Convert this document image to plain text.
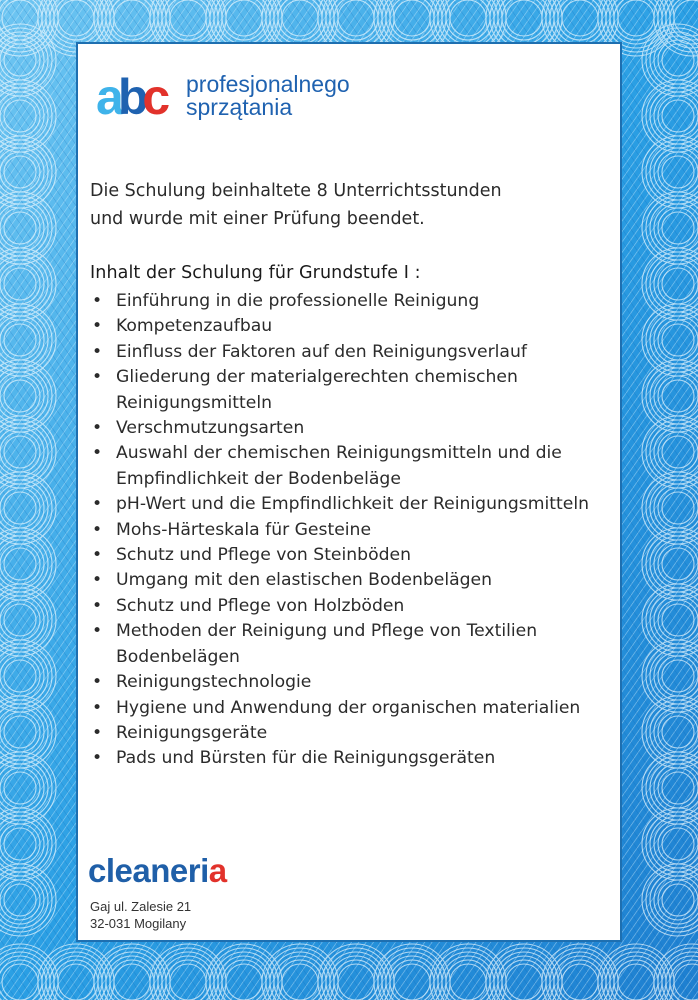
abc profesjonalnego
sprzątania
Die Schulung beinhaltete 8 Unterrichtsstunden
und wurde mit einer Prüfung beendet.
Inhalt der Schulung für Grundstufe I :
• Einführung in die professionelle Reinigung
• Kompetenzaufbau
• Einfluss der Faktoren auf den Reinigungsverlauf
• Gliederung der materialgerechten chemischen Reinigungsmitteln
• Verschmutzungsarten
• Auswahl der chemischen Reinigungsmitteln und die Empfindlichkeit der Bodenbeläge
• pH-Wert und die Empfindlichkeit der Reinigungsmitteln
• Mohs-Härteskala für Gesteine
• Schutz und Pflege von Steinböden
• Umgang mit den elastischen Bodenbelägen
• Schutz und Pflege von Holzböden
• Methoden der Reinigung und Pflege von Textilien Bodenbelägen
• Reinigungstechnologie
• Hygiene und Anwendung der organischen materialien
• Reinigungsgeräte
• Pads und Bürsten für die Reinigungsgeräten
cleaneria
Gaj ul. Zalesie 21
32-031 Mogilany
